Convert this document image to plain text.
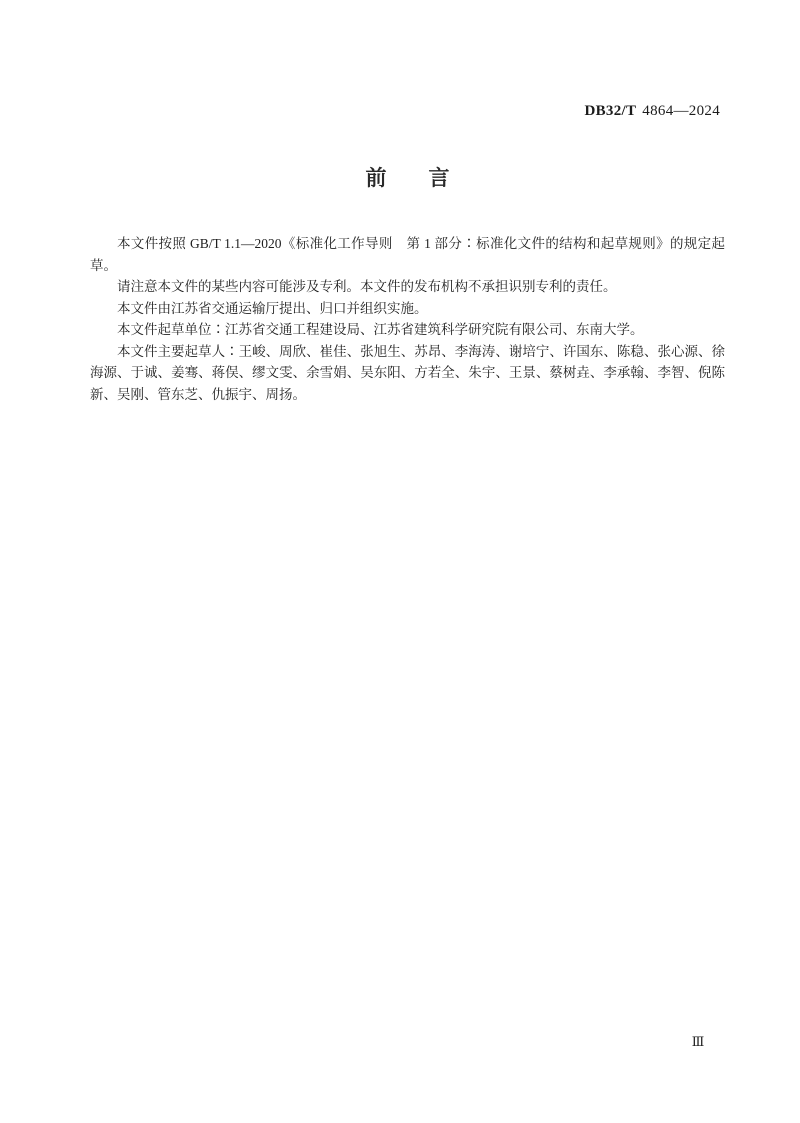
DB32/T 4864—2024
前　　言

本文件按照 GB/T 1.1—2020《标准化工作导则　第 1 部分∶标准化文件的结构和起草规则》的规定起草。

请注意本文件的某些内容可能涉及专利。本文件的发布机构不承担识别专利的责任。

本文件由江苏省交通运输厅提出、归口并组织实施。

本文件起草单位∶江苏省交通工程建设局、江苏省建筑科学研究院有限公司、东南大学。

本文件主要起草人∶王峻、周欣、崔佳、张旭生、苏昂、李海涛、谢培宁、许国东、陈稳、张心源、徐海源、于诚、姜骞、蒋俣、缪文雯、余雪娟、吴东阳、方若全、朱宇、王景、蔡树垚、李承翰、李智、倪陈新、吴刚、管东芝、仇振宇、周扬。

Ⅲ
